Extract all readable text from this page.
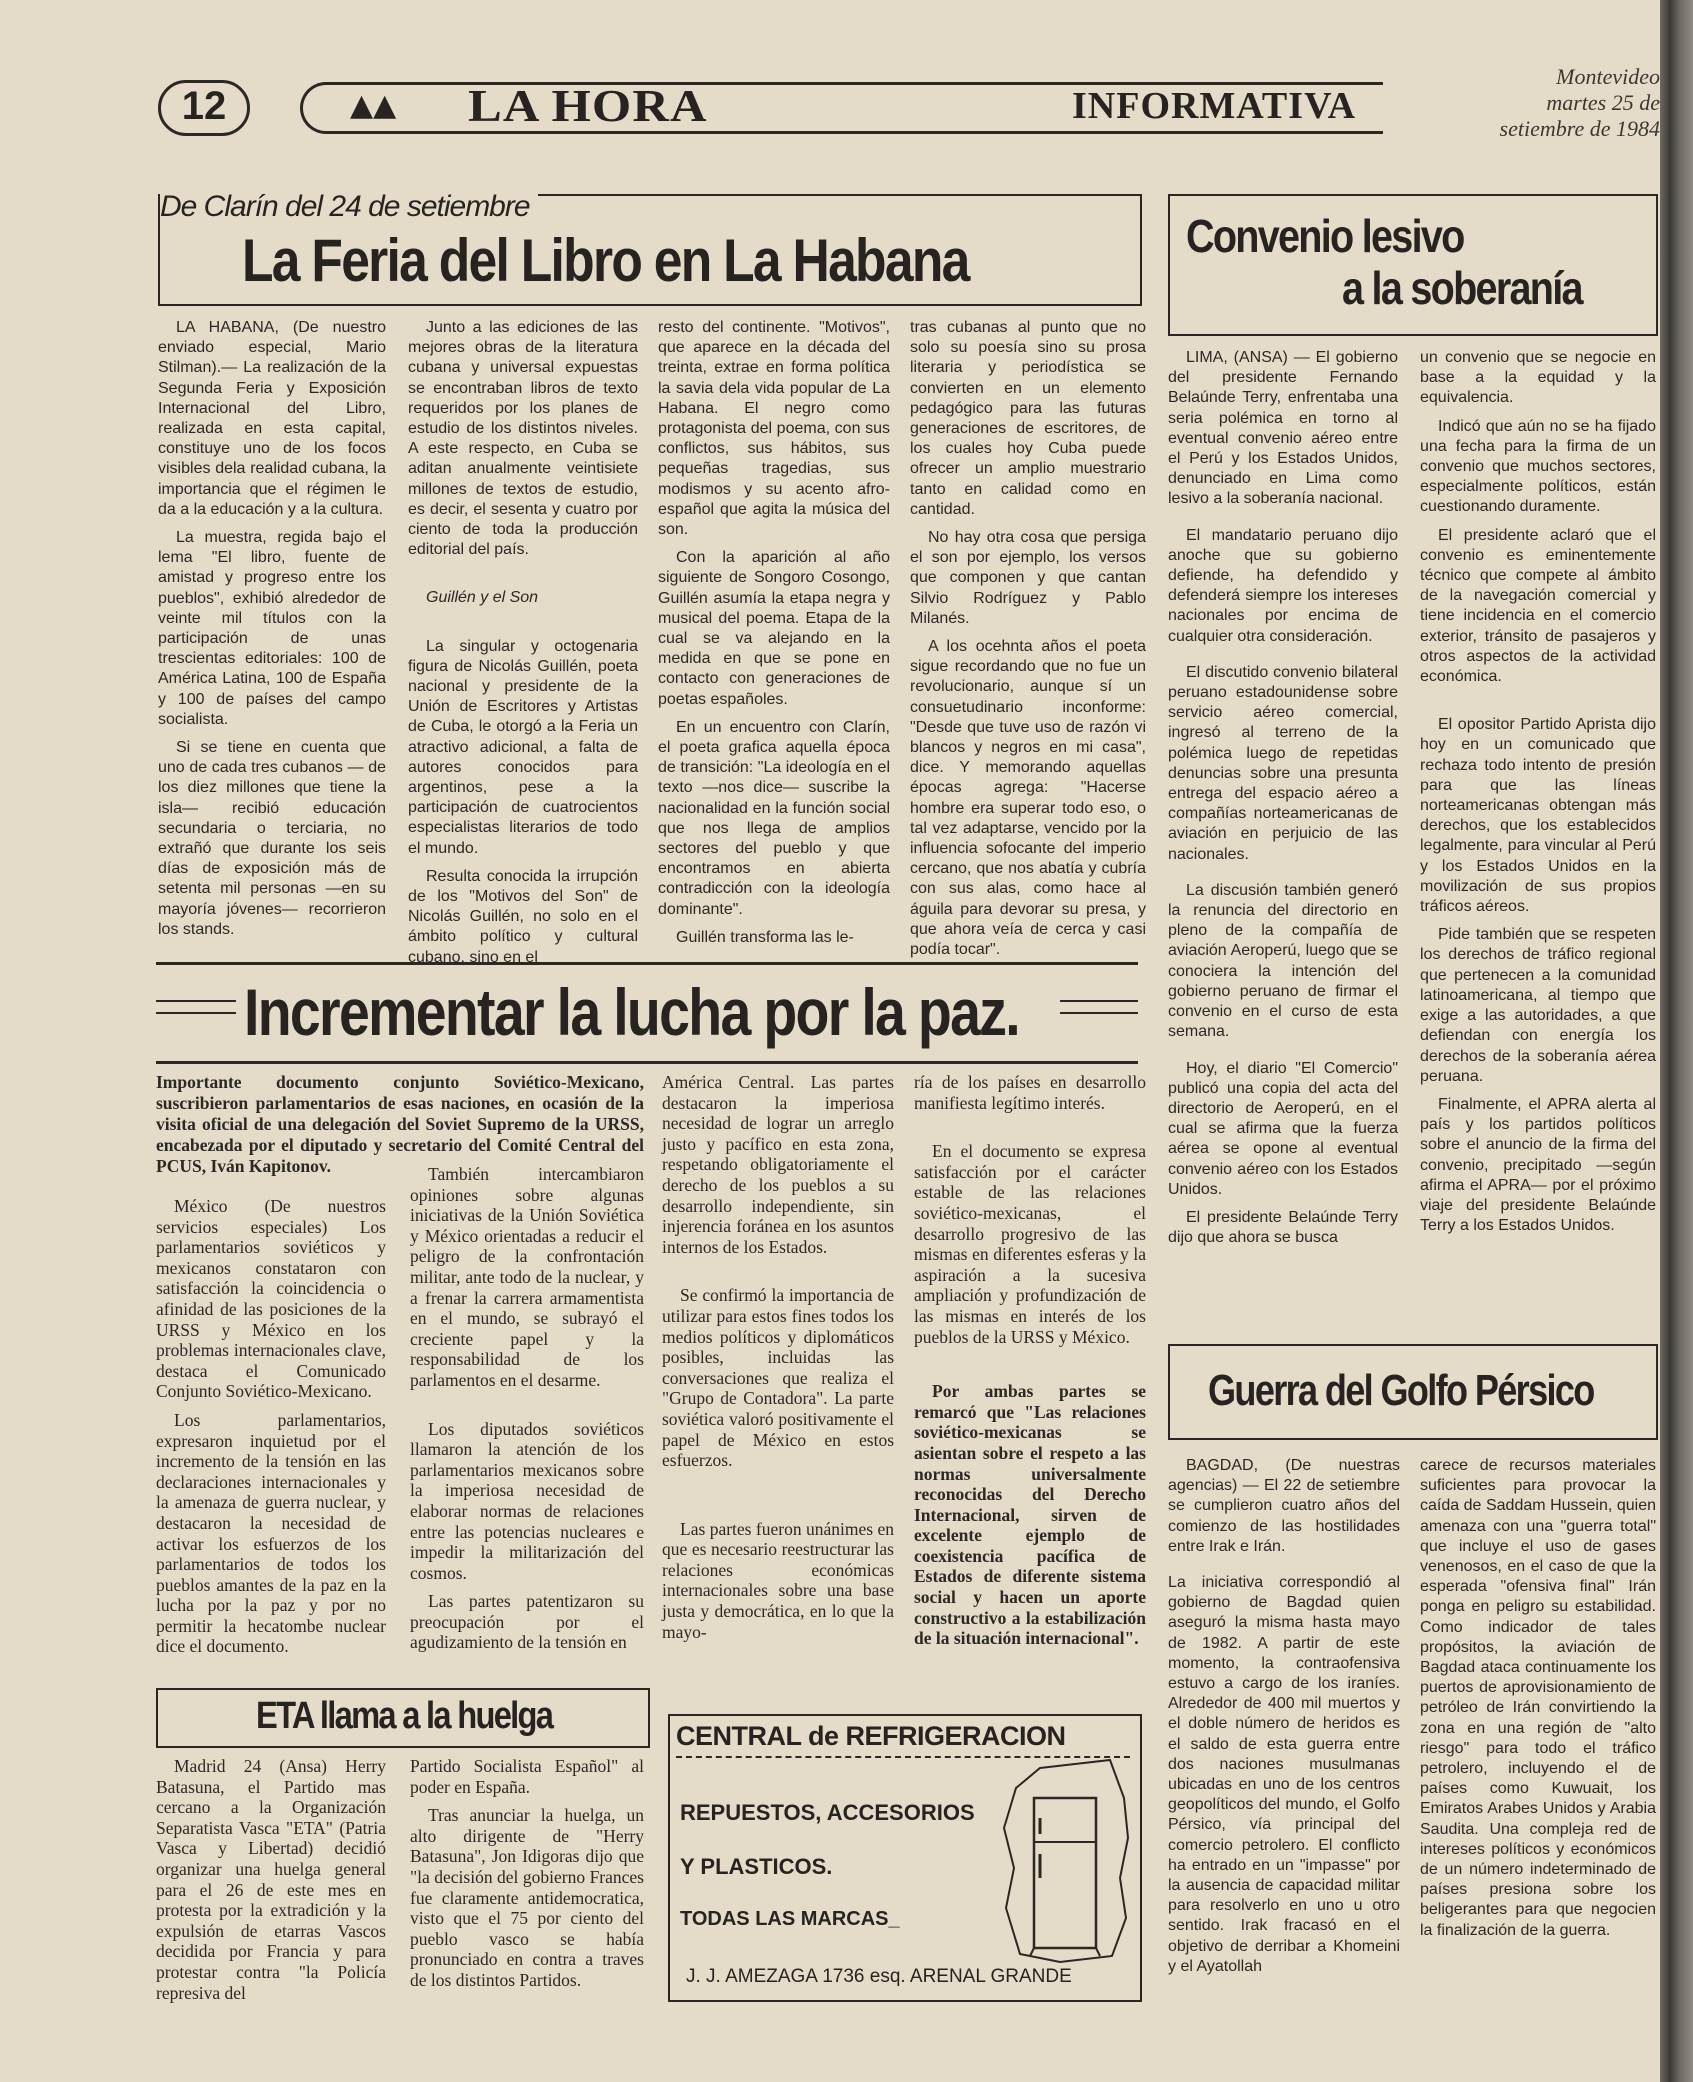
12	▲▲ LA HORA	INFORMATIVA
Montevideo
martes 25 de
setiembre de 1984
De Clarín del 24 de setiembre
La Feria del Libro en La Habana

LA HABANA, (De nuestro enviado especial, Mario Stilman).— La realización de la Segunda Feria y Exposición Internacional del Libro, realizada en esta capital, constituye uno de los focos visibles dela realidad cubana, la importancia que el régimen le da a la educación y a la cultura.

La muestra, regida bajo el lema "El libro, fuente de amistad y progreso entre los pueblos", exhibió alrededor de veinte mil títulos con la participación de unas trescientas editoriales: 100 de América Latina, 100 de España y 100 de países del campo socialista.

Si se tiene en cuenta que uno de cada tres cubanos — de los diez millones que tiene la isla— recibió educación secundaria o terciaria, no extrañó que durante los seis días de exposición más de setenta mil personas —en su mayoría jóvenes— recorrieron los stands.

Junto a las ediciones de las mejores obras de la literatura cubana y universal expuestas se encontraban libros de texto requeridos por los planes de estudio de los distintos niveles. A este respecto, en Cuba se aditan anualmente veintisiete millones de textos de estudio, es decir, el sesenta y cuatro por ciento de toda la producción editorial del país.

Guillén y el Son

La singular y octogenaria figura de Nicolás Guillén, poeta nacional y presidente de la Unión de Escritores y Artistas de Cuba, le otorgó a la Feria un atractivo adicional, a falta de autores conocidos para argentinos, pese a la participación de cuatrocientos especialistas literarios de todo el mundo.

Resulta conocida la irrupción de los "Motivos del Son" de Nicolás Guillén, no solo en el ámbito político y cultural cubano, sino en el

resto del continente. "Motivos", que aparece en la década del treinta, extrae en forma política la savia dela vida popular de La Habana. El negro como protagonista del poema, con sus conflictos, sus hábitos, sus pequeñas tragedias, sus modismos y su acento afro-español que agita la música del son.

Con la aparición al año siguiente de Songoro Cosongo, Guillén asumía la etapa negra y musical del poema. Etapa de la cual se va alejando en la medida en que se pone en contacto con generaciones de poetas españoles.

En un encuentro con Clarín, el poeta grafica aquella época de transición: "La ideología en el texto —nos dice— suscribe la nacionalidad en la función social que nos llega de amplios sectores del pueblo y que encontramos en abierta contradicción con la ideología dominante".

Guillén transforma las le-

tras cubanas al punto que no solo su poesía sino su prosa literaria y periodística se convierten en un elemento pedagógico para las futuras generaciones de escritores, de los cuales hoy Cuba puede ofrecer un amplio muestrario tanto en calidad como en cantidad.

No hay otra cosa que persiga el son por ejemplo, los versos que componen y que cantan Silvio Rodríguez y Pablo Milanés.

A los ocehnta años el poeta sigue recordando que no fue un revolucionario, aunque sí un consuetudinario inconforme: "Desde que tuve uso de razón vi blancos y negros en mi casa", dice. Y memorando aquellas épocas agrega: "Hacerse hombre era superar todo eso, o tal vez adaptarse, vencido por la influencia sofocante del imperio cercano, que nos abatía y cubría con sus alas, como hace al águila para devorar su presa, y que ahora veía de cerca y casi podía tocar".

Convenio lesivo
a la soberanía

LIMA, (ANSA) — El gobierno del presidente Fernando Belaúnde Terry, enfrentaba una seria polémica en torno al eventual convenio aéreo entre el Perú y los Estados Unidos, denunciado en Lima como lesivo a la soberanía nacional.

El mandatario peruano dijo anoche que su gobierno defiende, ha defendido y defenderá siempre los intereses nacionales por encima de cualquier otra consideración.

El discutido convenio bilateral peruano estadounidense sobre servicio aéreo comercial, ingresó al terreno de la polémica luego de repetidas denuncias sobre una presunta entrega del espacio aéreo a compañías norteamericanas de aviación en perjuicio de las nacionales.

La discusión también generó la renuncia del directorio en pleno de la compañía de aviación Aeroperú, luego que se conociera la intención del gobierno peruano de firmar el convenio en el curso de esta semana.

Hoy, el diario "El Comercio" publicó una copia del acta del directorio de Aeroperú, en el cual se afirma que la fuerza aérea se opone al eventual convenio aéreo con los Estados Unidos.

El presidente Belaúnde Terry dijo que ahora se busca

un convenio que se negocie en base a la equidad y la equivalencia.

Indicó que aún no se ha fijado una fecha para la firma de un convenio que muchos sectores, especialmente políticos, están cuestionando duramente.

El presidente aclaró que el convenio es eminentemente técnico que compete al ámbito de la navegación comercial y tiene incidencia en el comercio exterior, tránsito de pasajeros y otros aspectos de la actividad económica.

El opositor Partido Aprista dijo hoy en un comunicado que rechaza todo intento de presión para que las líneas norteamericanas obtengan más derechos, que los establecidos legalmente, para vincular al Perú y los Estados Unidos en la movilización de sus propios tráficos aéreos.

Pide también que se respeten los derechos de tráfico regional que pertenecen a la comunidad latinoamericana, al tiempo que exige a las autoridades, a que defiendan con energía los derechos de la soberanía aérea peruana.

Finalmente, el APRA alerta al país y los partidos políticos sobre el anuncio de la firma del convenio, precipitado —según afirma el APRA— por el próximo viaje del presidente Belaúnde Terry a los Estados Unidos.

Incrementar la lucha por la paz.
Importante documento conjunto Soviético-Mexicano, suscribieron parlamentarios de esas naciones, en ocasión de la visita oficial de una delegación del Soviet Supremo de la URSS, encabezada por el diputado y secretario del Comité Central del PCUS, Iván Kapitonov.

México (De nuestros servicios especiales) Los parlamentarios soviéticos y mexicanos constataron con satisfacción la coincidencia o afinidad de las posiciones de la URSS y México en los problemas internacionales clave, destaca el Comunicado Conjunto Soviético-Mexicano.

Los parlamentarios, expresaron inquietud por el incremento de la tensión en las declaraciones internacionales y la amenaza de guerra nuclear, y destacaron la necesidad de activar los esfuerzos de los parlamentarios de todos los pueblos amantes de la paz en la lucha por la paz y por no permitir la hecatombe nuclear dice el documento.

También intercambiaron opiniones sobre algunas iniciativas de la Unión Soviética y México orientadas a reducir el peligro de la confrontación militar, ante todo de la nuclear, y a frenar la carrera armamentista en el mundo, se subrayó el creciente papel y la responsabilidad de los parlamentos en el desarme.

Los diputados soviéticos llamaron la atención de los parlamentarios mexicanos sobre la imperiosa necesidad de elaborar normas de relaciones entre las potencias nucleares e impedir la militarización del cosmos.

Las partes patentizaron su preocupación por el agudizamiento de la tensión en

América Central. Las partes destacaron la imperiosa necesidad de lograr un arreglo justo y pacífico en esta zona, respetando obligatoriamente el derecho de los pueblos a su desarrollo independiente, sin injerencia foránea en los asuntos internos de los Estados.

Se confirmó la importancia de utilizar para estos fines todos los medios políticos y diplomáticos posibles, incluidas las conversaciones que realiza el "Grupo de Contadora". La parte soviética valoró positivamente el papel de México en estos esfuerzos.

Las partes fueron unánimes en que es necesario reestructurar las relaciones económicas internacionales sobre una base justa y democrática, en lo que la mayo-

ría de los países en desarrollo manifiesta legítimo interés.

En el documento se expresa satisfacción por el carácter estable de las relaciones soviético-mexicanas, el desarrollo progresivo de las mismas en diferentes esferas y la aspiración a la sucesiva ampliación y profundización de las mismas en interés de los pueblos de la URSS y México.

Por ambas partes se remarcó que "Las relaciones soviético-mexicanas se asientan sobre el respeto a las normas universalmente reconocidas del Derecho Internacional, sirven de excelente ejemplo de coexistencia pacífica de Estados de diferente sistema social y hacen un aporte constructivo a la estabilización de la situación internacional".

ETA llama a la huelga

Madrid 24 (Ansa) Herry Batasuna, el Partido mas cercano a la Organización Separatista Vasca "ETA" (Patria Vasca y Libertad) decidió organizar una huelga general para el 26 de este mes en protesta por la extradición y la expulsión de etarras Vascos decidida por Francia y para protestar contra "la Policía represiva del

Partido Socialista Español" al poder en España.

Tras anunciar la huelga, un alto dirigente de "Herry Batasuna", Jon Idigoras dijo que "la decisión del gobierno Frances fue claramente antidemocratica, visto que el 75 por ciento del pueblo vasco se había pronunciado en contra a traves de los distintos Partidos.

CENTRAL de REFRIGERACION
REPUESTOS, ACCESORIOS
Y PLASTICOS.
TODAS LAS MARCAS_
J. J. AMEZAGA 1736 esq. ARENAL GRANDE
Guerra del Golfo Pérsico

BAGDAD, (De nuestras agencias) — El 22 de setiembre se cumplieron cuatro años del comienzo de las hostilidades entre Irak e Irán.

La iniciativa correspondió al gobierno de Bagdad quien aseguró la misma hasta mayo de 1982. A partir de este momento, la contraofensiva estuvo a cargo de los iraníes. Alrededor de 400 mil muertos y el doble número de heridos es el saldo de esta guerra entre dos naciones musulmanas ubicadas en uno de los centros geopolíticos del mundo, el Golfo Pérsico, vía principal del comercio petrolero. El conflicto ha entrado en un "impasse" por la ausencia de capacidad militar para resolverlo en uno u otro sentido. Irak fracasó en el objetivo de derribar a Khomeini y el Ayatollah

carece de recursos materiales suficientes para provocar la caída de Saddam Hussein, quien amenaza con una "guerra total" que incluye el uso de gases venenosos, en el caso de que la esperada "ofensiva final" Irán ponga en peligro su estabilidad. Como indicador de tales propósitos, la aviación de Bagdad ataca continuamente los puertos de aprovisionamiento de petróleo de Irán convirtiendo la zona en una región de "alto riesgo" para todo el tráfico petrolero, incluyendo el de países como Kuwuait, los Emiratos Arabes Unidos y Arabia Saudita. Una compleja red de intereses políticos y económicos de un número indeterminado de países presiona sobre los beligerantes para que negocien la finalización de la guerra.
